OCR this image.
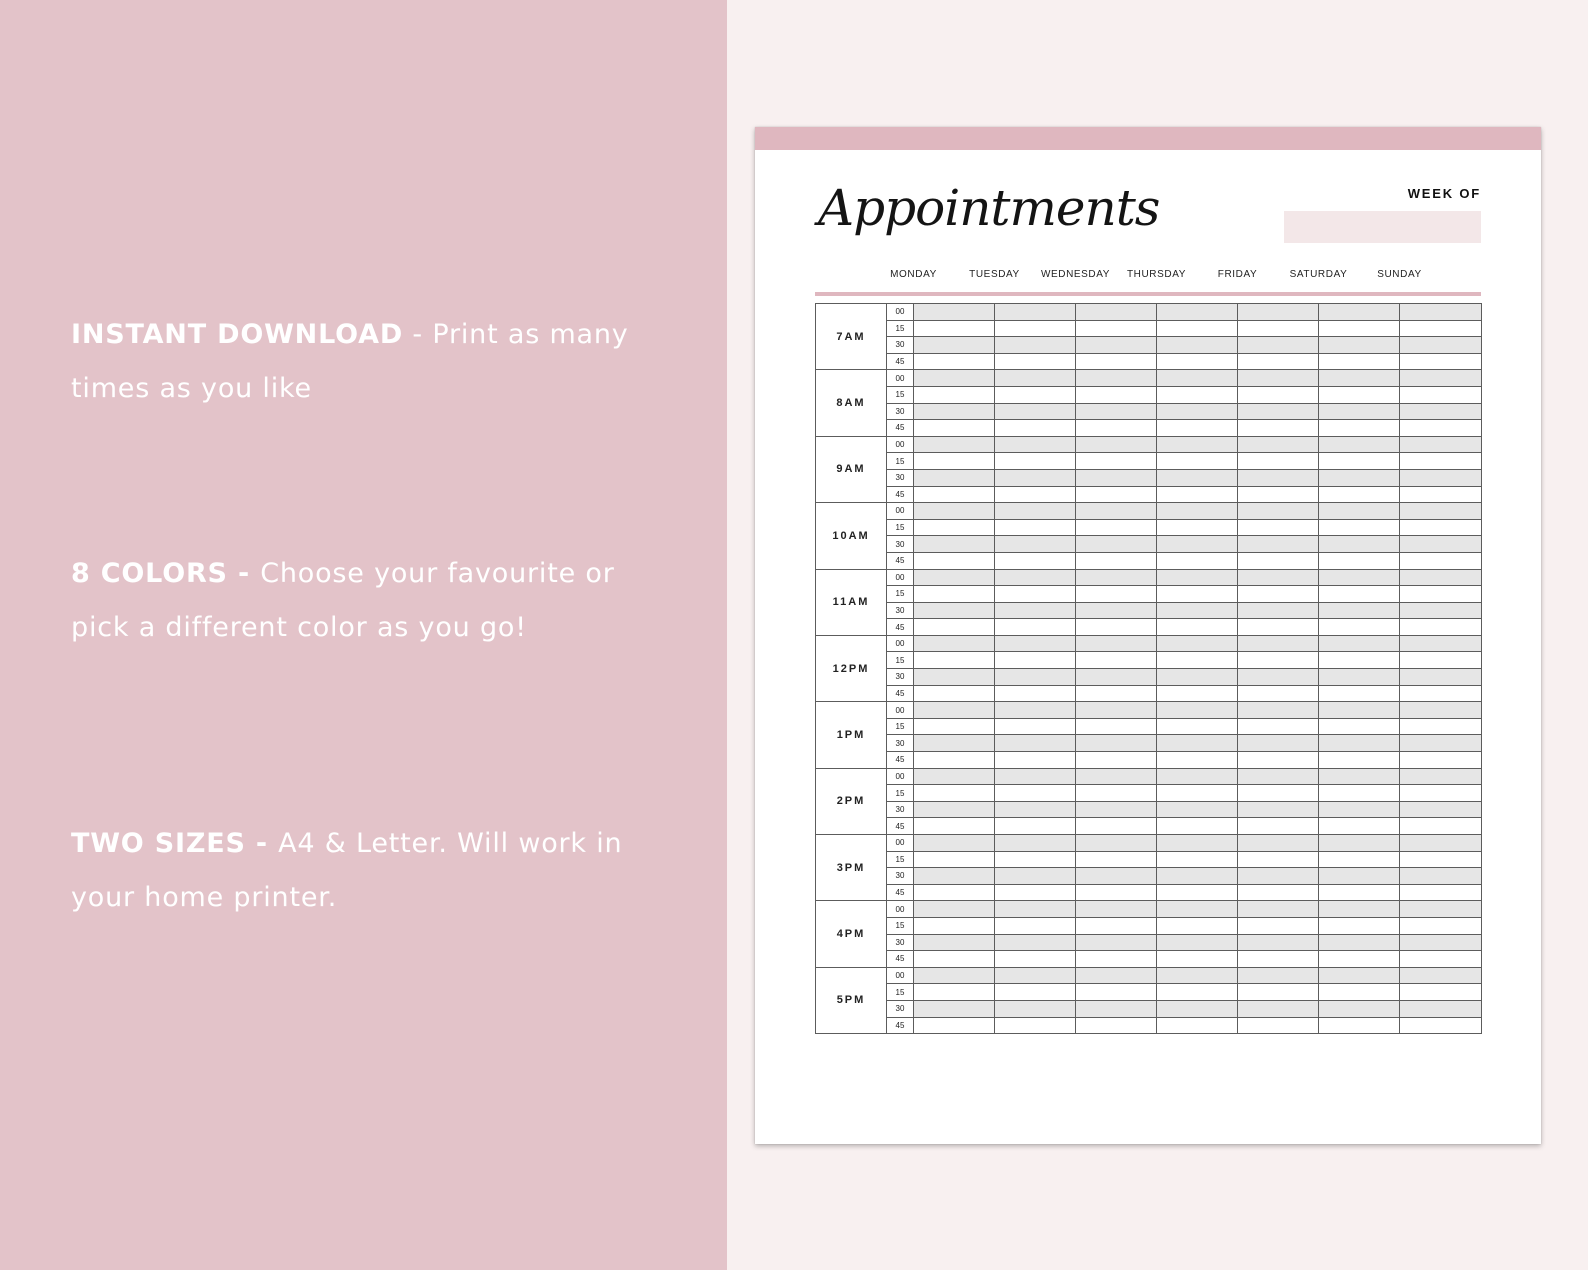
INSTANT DOWNLOAD - Print as many times as you like
8 COLORS - Choose your favourite or pick a different color as you go!
TWO SIZES - A4 & Letter. Will work in your home printer.
Appointments	WEEK OF
MONDAY	TUESDAY	WEDNESDAY	THURSDAY	FRIDAY	SATURDAY	SUNDAY
7AM	00							
	15							
	30							
	45							
8AM	00							
	15							
	30							
	45							
9AM	00							
	15							
	30							
	45							
10AM	00							
	15							
	30							
	45							
11AM	00							
	15							
	30							
	45							
12PM	00							
	15							
	30							
	45							
1PM	00							
	15							
	30							
	45							
2PM	00							
	15							
	30							
	45							
3PM	00							
	15							
	30							
	45							
4PM	00							
	15							
	30							
	45							
5PM	00							
	15							
	30							
	45							
